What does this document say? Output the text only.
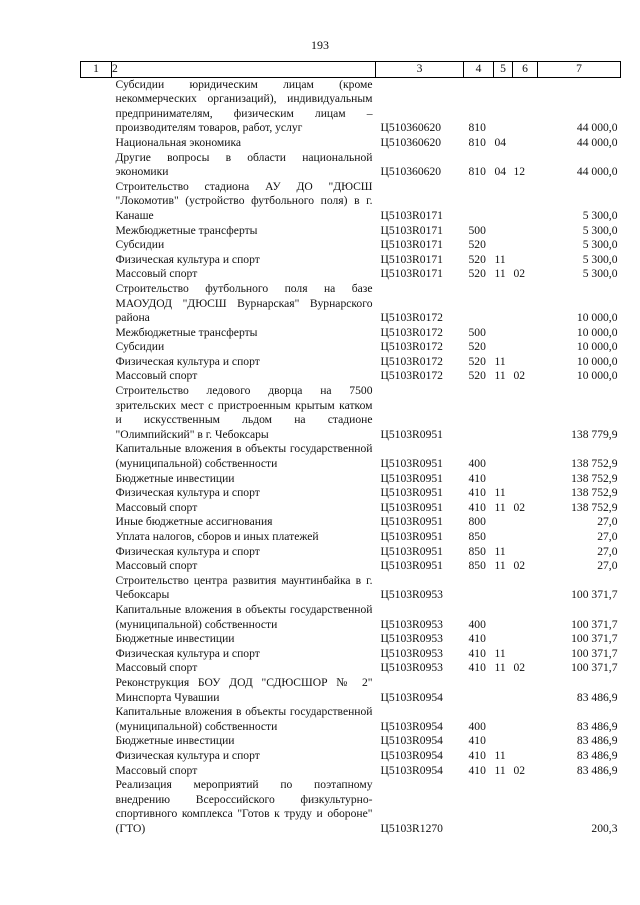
193
1	2	3	4	5	6	7
	Субсидии юридическим лицам (кроме некоммерческих организаций), индивидуальным предпринимателям, физическим лицам – производителям товаров, работ, услуг	Ц510360620	810			44 000,0
	Национальная экономика	Ц510360620	810	04		44 000,0
	Другие вопросы в области национальной экономики	Ц510360620	810	04	12	44 000,0
	Строительство стадиона АУ ДО "ДЮСШ "Локомотив" (устройство футбольного поля) в г. Канаше	Ц5103R0171				5 300,0
	Межбюджетные трансферты	Ц5103R0171	500			5 300,0
	Субсидии	Ц5103R0171	520			5 300,0
	Физическая культура и спорт	Ц5103R0171	520	11		5 300,0
	Массовый спорт	Ц5103R0171	520	11	02	5 300,0
	Строительство футбольного поля на базе МАОУДОД "ДЮСШ Вурнарская" Вурнарского района	Ц5103R0172				10 000,0
	Межбюджетные трансферты	Ц5103R0172	500			10 000,0
	Субсидии	Ц5103R0172	520			10 000,0
	Физическая культура и спорт	Ц5103R0172	520	11		10 000,0
	Массовый спорт	Ц5103R0172	520	11	02	10 000,0
	Строительство ледового дворца на 7500 зрительских мест с пристроенным крытым катком и искусственным льдом на стадионе "Олимпийский" в г. Чебоксары	Ц5103R0951				138 779,9
	Капитальные вложения в объекты государственной (муниципальной) собственности	Ц5103R0951	400			138 752,9
	Бюджетные инвестиции	Ц5103R0951	410			138 752,9
	Физическая культура и спорт	Ц5103R0951	410	11		138 752,9
	Массовый спорт	Ц5103R0951	410	11	02	138 752,9
	Иные бюджетные ассигнования	Ц5103R0951	800			27,0
	Уплата налогов, сборов и иных платежей	Ц5103R0951	850			27,0
	Физическая культура и спорт	Ц5103R0951	850	11		27,0
	Массовый спорт	Ц5103R0951	850	11	02	27,0
	Строительство центра развития маунтинбайка в г. Чебоксары	Ц5103R0953				100 371,7
	Капитальные вложения в объекты государственной (муниципальной) собственности	Ц5103R0953	400			100 371,7
	Бюджетные инвестиции	Ц5103R0953	410			100 371,7
	Физическая культура и спорт	Ц5103R0953	410	11		100 371,7
	Массовый спорт	Ц5103R0953	410	11	02	100 371,7
	Реконструкция БОУ ДОД "СДЮСШОР № 2" Минспорта Чувашии	Ц5103R0954				83 486,9
	Капитальные вложения в объекты государственной (муниципальной) собственности	Ц5103R0954	400			83 486,9
	Бюджетные инвестиции	Ц5103R0954	410			83 486,9
	Физическая культура и спорт	Ц5103R0954	410	11		83 486,9
	Массовый спорт	Ц5103R0954	410	11	02	83 486,9
	Реализация мероприятий по поэтапному внедрению Всероссийского физкультурно-спортивного комплекса "Готов к труду и обороне" (ГТО)	Ц5103R1270				200,3
